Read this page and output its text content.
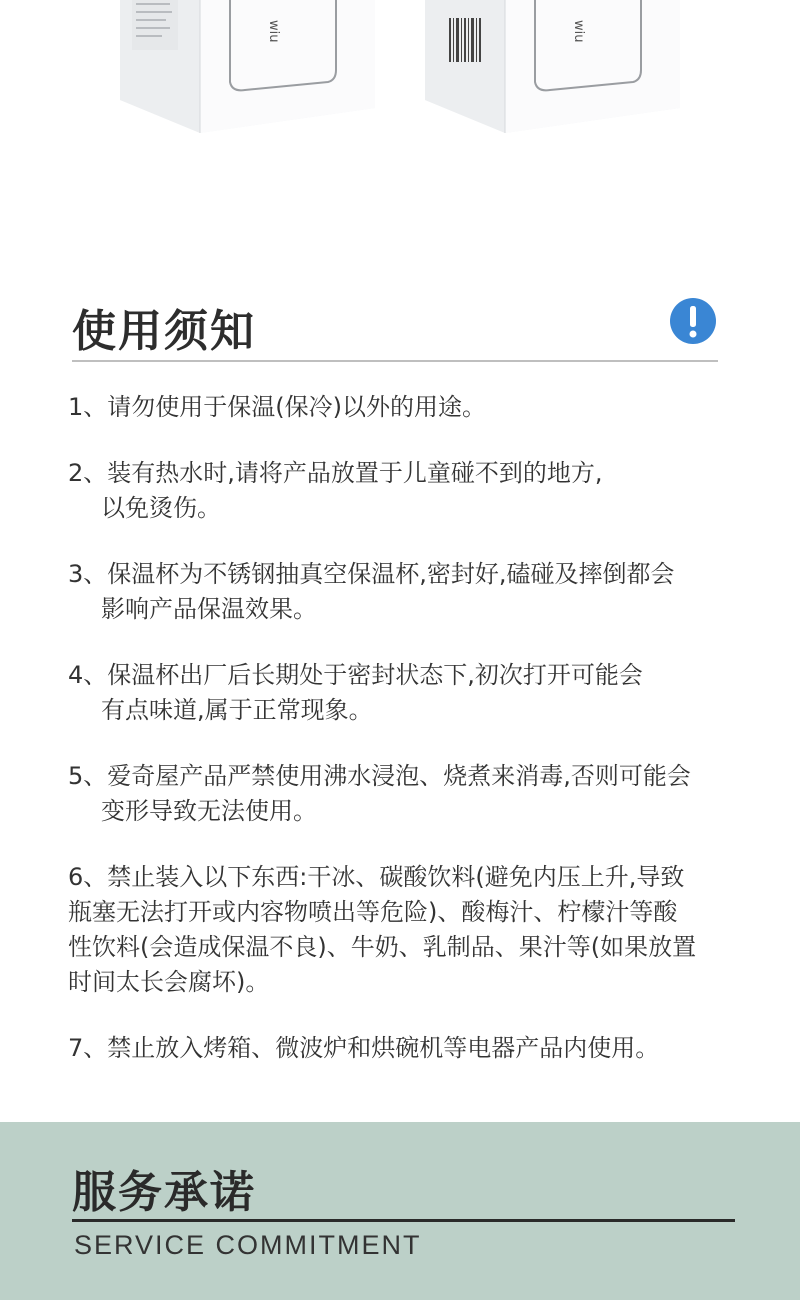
wiu	wiu
使用须知
1、请勿使用于保温(保冷)以外的用途。
2、装有热水时,请将产品放置于儿童碰不到的地方,
以免烫伤。
3、保温杯为不锈钢抽真空保温杯,密封好,磕碰及摔倒都会
影响产品保温效果。
4、保温杯出厂后长期处于密封状态下,初次打开可能会
有点味道,属于正常现象。
5、爱奇屋产品严禁使用沸水浸泡、烧煮来消毒,否则可能会
变形导致无法使用。
6、禁止装入以下东西:干冰、碳酸饮料(避免内压上升,导致
瓶塞无法打开或内容物喷出等危险)、酸梅汁、柠檬汁等酸
性饮料(会造成保温不良)、牛奶、乳制品、果汁等(如果放置
时间太长会腐坏)。
7、禁止放入烤箱、微波炉和烘碗机等电器产品内使用。
服务承诺
SERVICE COMMITMENT
